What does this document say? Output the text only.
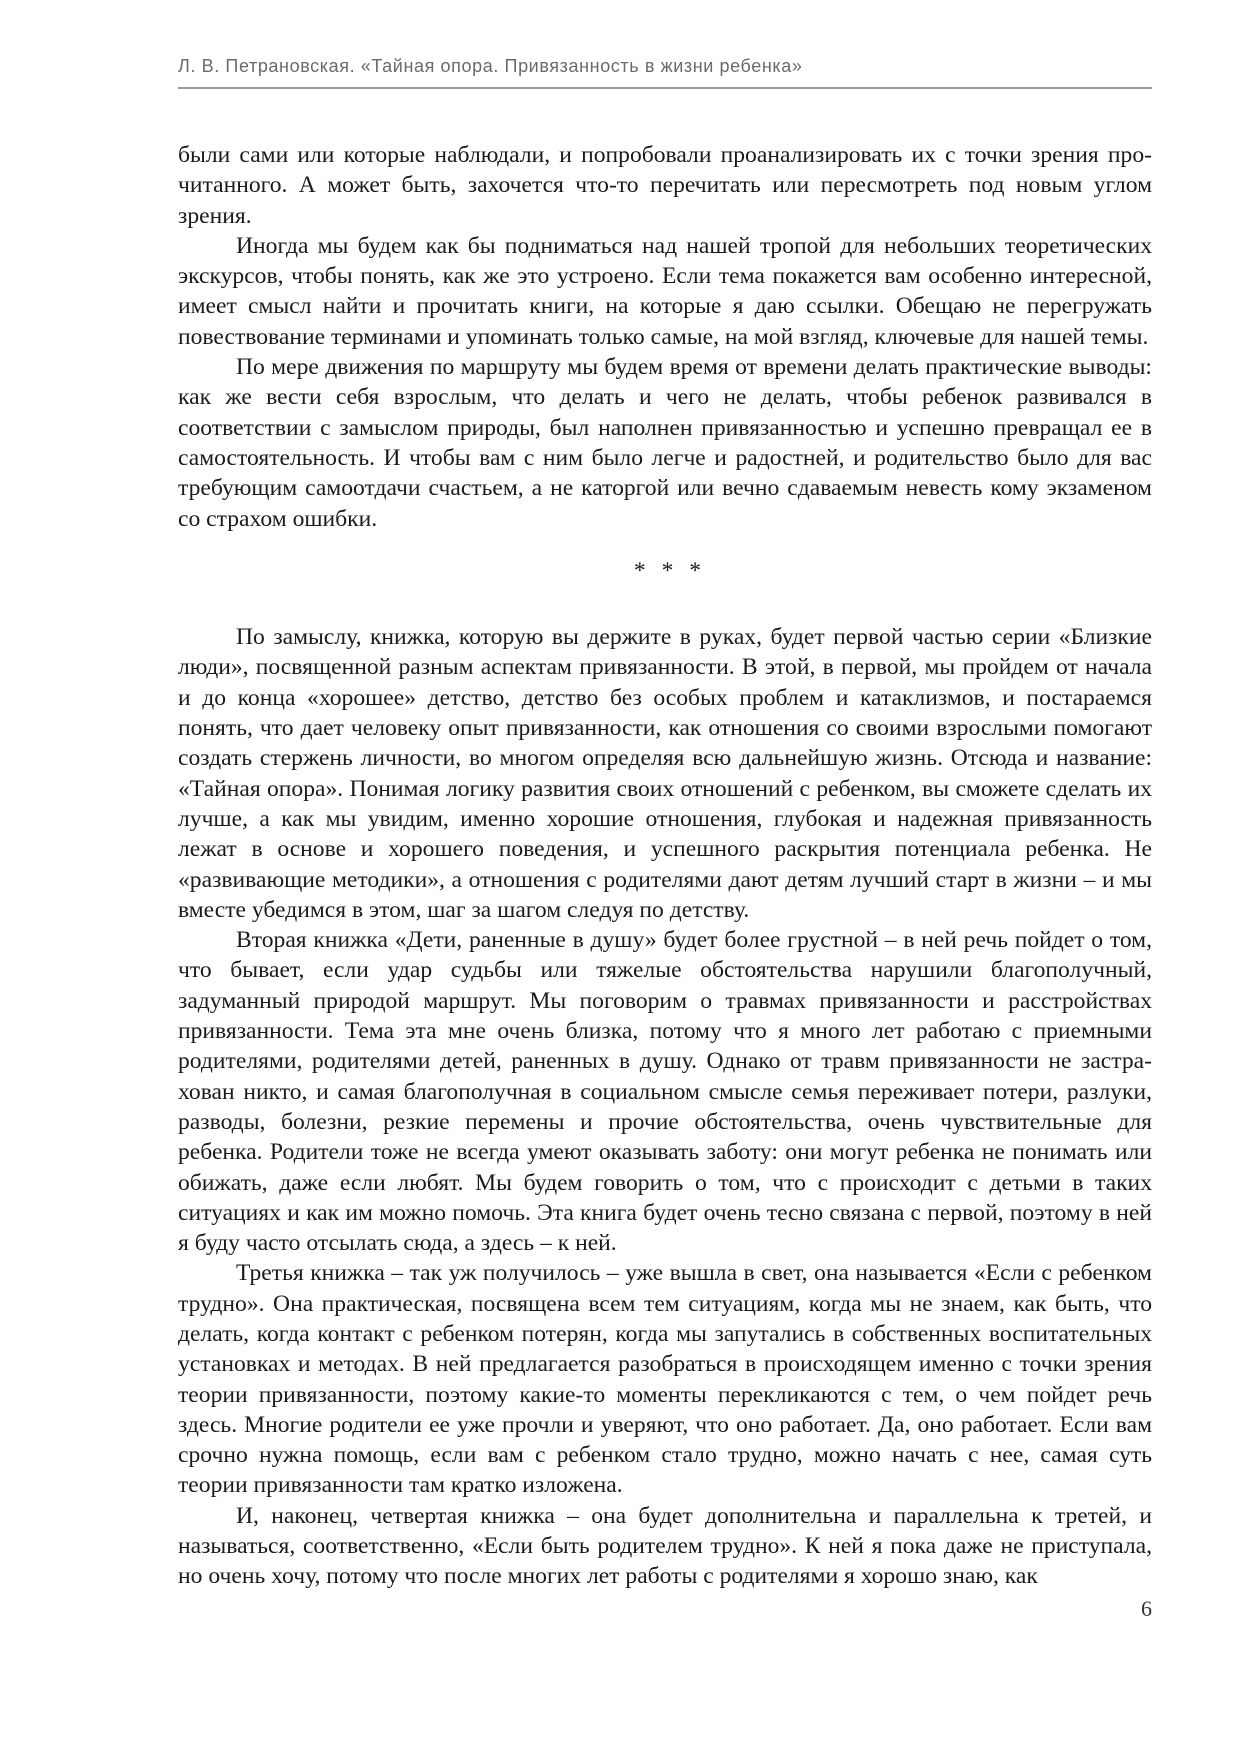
Л. В. Петрановская. «Тайная опора. Привязанность в жизни ребенка»

были сами или которые наблюдали, и попробовали проанализировать их с точки зрения прочитанного. А может быть, захочется что-то перечитать или пересмотреть под новым углом зрения.

Иногда мы будем как бы подниматься над нашей тропой для небольших теоретических экскурсов, чтобы понять, как же это устроено. Если тема покажется вам особенно интересной, имеет смысл найти и прочитать книги, на которые я даю ссылки. Обещаю не перегружать повествование терминами и упоминать только самые, на мой взгляд, ключевые для нашей темы.

По мере движения по маршруту мы будем время от времени делать практические выводы: как же вести себя взрослым, что делать и чего не делать, чтобы ребенок развивался в соответствии с замыслом природы, был наполнен привязанностью и успешно превращал ее в самостоятельность. И чтобы вам с ним было легче и радостней, и родительство было для вас требующим самоотдачи счастьем, а не каторгой или вечно сдаваемым невесть кому экзаменом со страхом ошибки.

* * *

По замыслу, книжка, которую вы держите в руках, будет первой частью серии «Близкие люди», посвященной разным аспектам привязанности. В этой, в первой, мы пройдем от начала и до конца «хорошее» детство, детство без особых проблем и катаклизмов, и постараемся понять, что дает человеку опыт привязанности, как отношения со своими взрослыми помогают создать стержень личности, во многом определяя всю дальнейшую жизнь. Отсюда и название: «Тайная опора». Понимая логику развития своих отношений с ребенком, вы сможете сделать их лучше, а как мы увидим, именно хорошие отношения, глубокая и надежная привязанность лежат в основе и хорошего поведения, и успешного раскрытия потенциала ребенка. Не «развивающие методики», а отношения с родителями дают детям лучший старт в жизни – и мы вместе убедимся в этом, шаг за шагом следуя по детству.

Вторая книжка «Дети, раненные в душу» будет более грустной – в ней речь пойдет о том, что бывает, если удар судьбы или тяжелые обстоятельства нарушили благополучный, задуманный природой маршрут. Мы поговорим о травмах привязанности и расстройствах привязанности. Тема эта мне очень близка, потому что я много лет работаю с приемными родителями, родителями детей, раненных в душу. Однако от травм привязанности не застрахован никто, и самая благополучная в социальном смысле семья переживает потери, разлуки, разводы, болезни, резкие перемены и прочие обстоятельства, очень чувствительные для ребенка. Родители тоже не всегда умеют оказывать заботу: они могут ребенка не понимать или обижать, даже если любят. Мы будем говорить о том, что с происходит с детьми в таких ситуациях и как им можно помочь. Эта книга будет очень тесно связана с первой, поэтому в ней я буду часто отсылать сюда, а здесь – к ней.

Третья книжка – так уж получилось – уже вышла в свет, она называется «Если с ребенком трудно». Она практическая, посвящена всем тем ситуациям, когда мы не знаем, как быть, что делать, когда контакт с ребенком потерян, когда мы запутались в собственных воспитательных установках и методах. В ней предлагается разобраться в происходящем именно с точки зрения теории привязанности, поэтому какие-то моменты перекликаются с тем, о чем пойдет речь здесь. Многие родители ее уже прочли и уверяют, что оно работает. Да, оно работает. Если вам срочно нужна помощь, если вам с ребенком стало трудно, можно начать с нее, самая суть теории привязанности там кратко изложена.

И, наконец, четвертая книжка – она будет дополнительна и параллельна к третей, и называться, соответственно, «Если быть родителем трудно». К ней я пока даже не приступала, но очень хочу, потому что после многих лет работы с родителями я хорошо знаю, как

6
